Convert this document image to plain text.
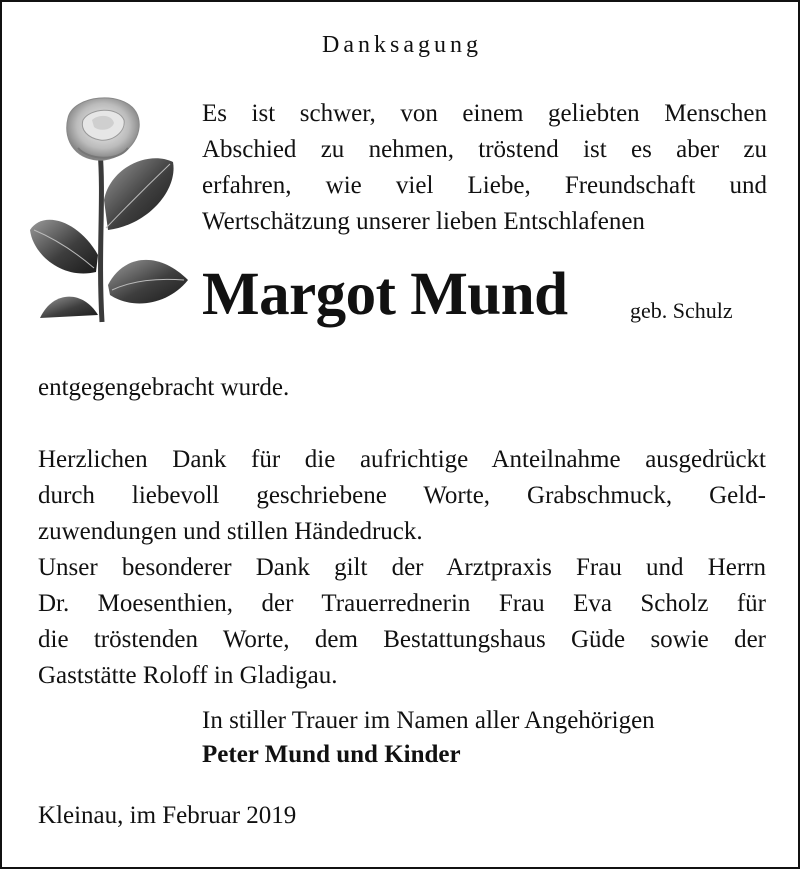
Danksagung
Es ist schwer, von einem geliebten Menschen
Abschied zu nehmen, tröstend ist es aber zu
erfahren, wie viel Liebe, Freundschaft und
Wertschätzung unserer lieben Entschlafenen
Margot Mund	geb. Schulz
entgegengebracht wurde.
Herzlichen Dank für die aufrichtige Anteilnahme ausgedrückt
durch liebevoll geschriebene Worte, Grabschmuck, Geld-
zuwendungen und stillen Händedruck.
Unser besonderer Dank gilt der Arztpraxis Frau und Herrn
Dr. Moesenthien, der Trauerrednerin Frau Eva Scholz für
die tröstenden Worte, dem Bestattungshaus Güde sowie der
Gaststätte Roloff in Gladigau.
In stiller Trauer im Namen aller Angehörigen
Peter Mund und Kinder
Kleinau, im Februar 2019
